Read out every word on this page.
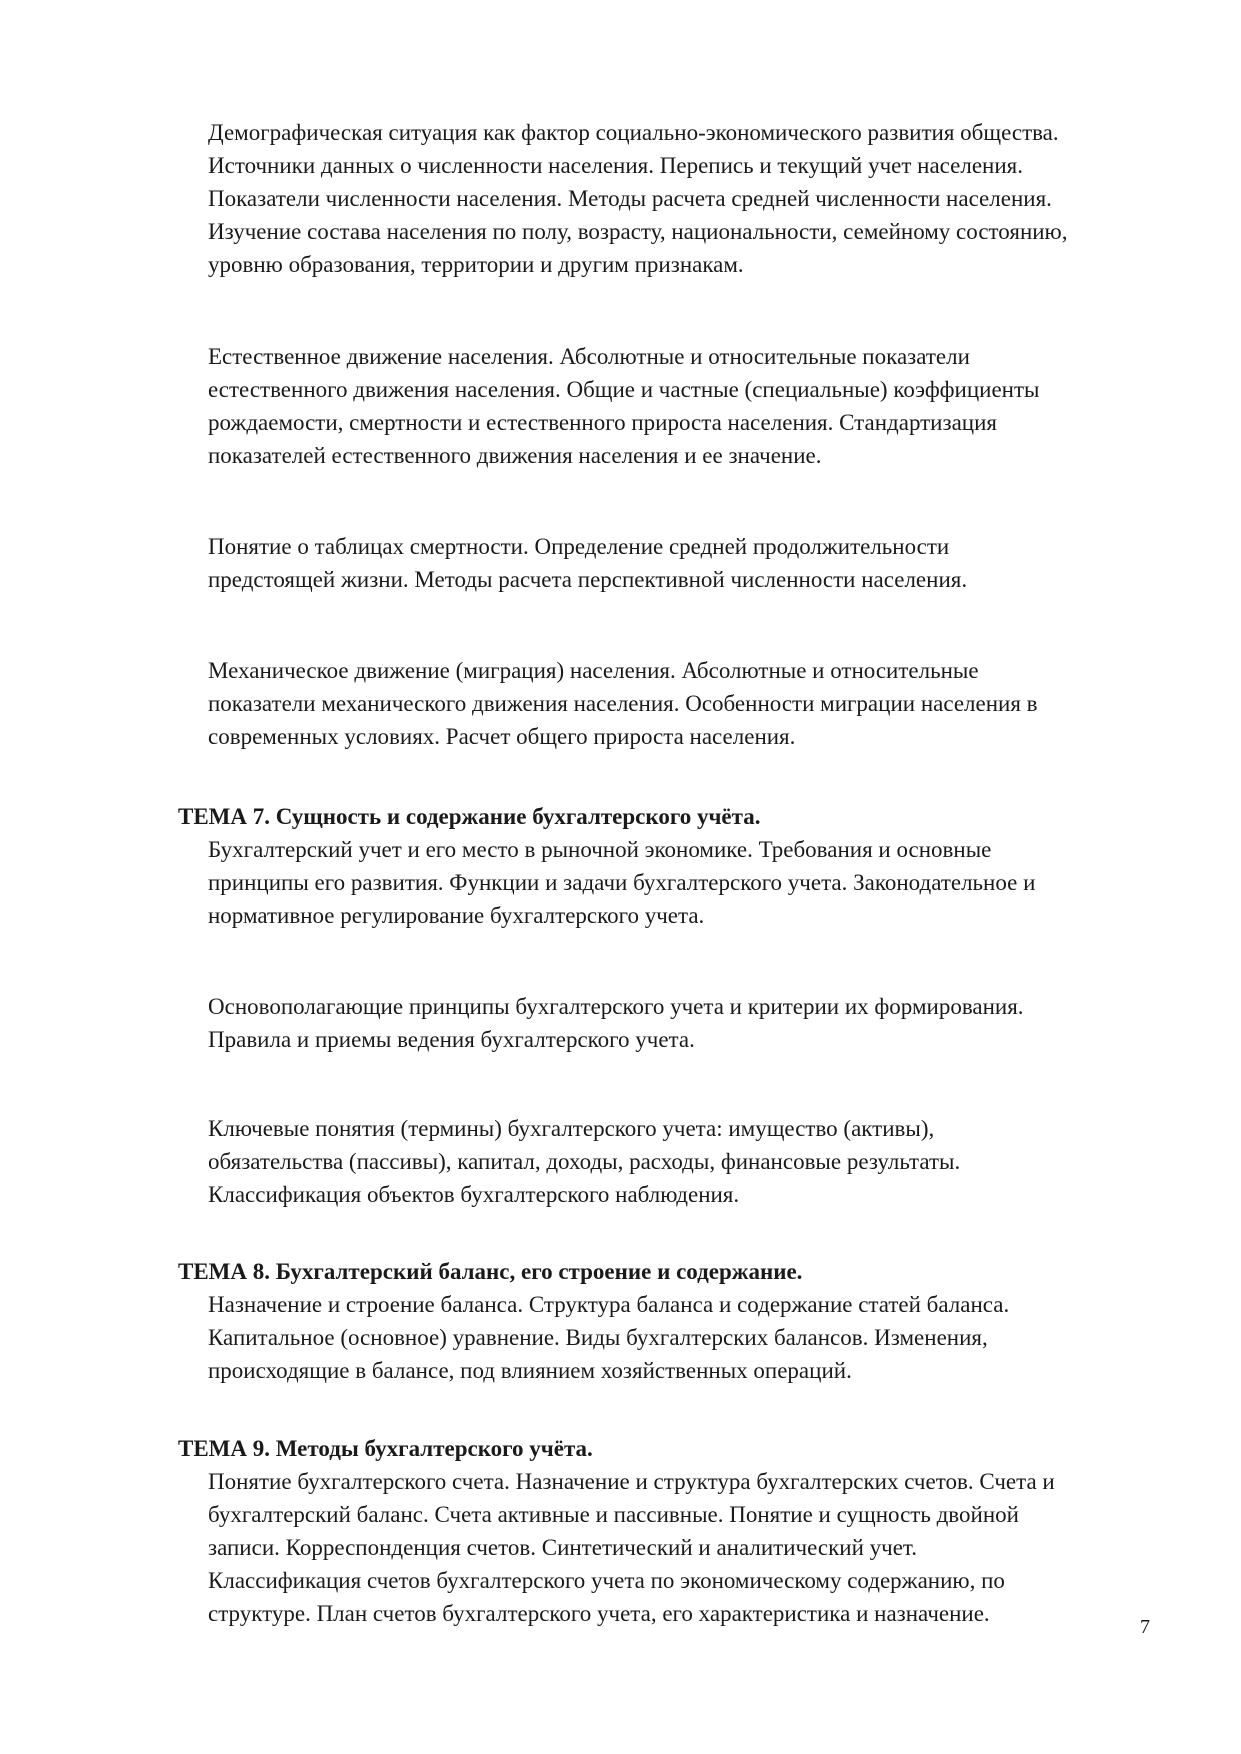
Демографическая ситуация как фактор социально-экономического развития общества.
Источники данных о численности населения. Перепись и текущий учет населения.
Показатели численности населения. Методы расчета средней численности населения.
Изучение состава населения по полу, возрасту, национальности, семейному состоянию,
уровню образования, территории и другим признакам.
Естественное движение населения. Абсолютные и относительные показатели
естественного движения населения. Общие и частные (специальные) коэффициенты
рождаемости, смертности и естественного прироста населения. Стандартизация
показателей естественного движения населения и ее значение.
Понятие о таблицах смертности. Определение средней продолжительности
предстоящей жизни. Методы расчета перспективной численности населения.
Механическое движение (миграция) населения. Абсолютные и относительные
показатели механического движения населения. Особенности миграции населения в
современных условиях. Расчет общего прироста населения.
ТЕМА 7. Сущность и содержание бухгалтерского учёта.
Бухгалтерский учет и его место в рыночной экономике. Требования и основные
принципы его развития. Функции и задачи бухгалтерского учета. Законодательное и
нормативное регулирование бухгалтерского учета.
Основополагающие принципы бухгалтерского учета и критерии их формирования.
Правила и приемы ведения бухгалтерского учета.
Ключевые понятия (термины) бухгалтерского учета: имущество (активы),
обязательства (пассивы), капитал, доходы, расходы, финансовые результаты.
Классификация объектов бухгалтерского наблюдения.
ТЕМА 8. Бухгалтерский баланс, его строение и содержание.
Назначение и строение баланса. Структура баланса и содержание статей баланса.
Капитальное (основное) уравнение. Виды бухгалтерских балансов. Изменения,
происходящие в балансе, под влиянием хозяйственных операций.
ТЕМА 9. Методы бухгалтерского учёта.
Понятие бухгалтерского счета. Назначение и структура бухгалтерских счетов. Счета и
бухгалтерский баланс. Счета активные и пассивные. Понятие и сущность двойной
записи. Корреспонденция счетов. Синтетический и аналитический учет.
Классификация счетов бухгалтерского учета по экономическому содержанию, по
структуре. План счетов бухгалтерского учета, его характеристика и назначение.
7
